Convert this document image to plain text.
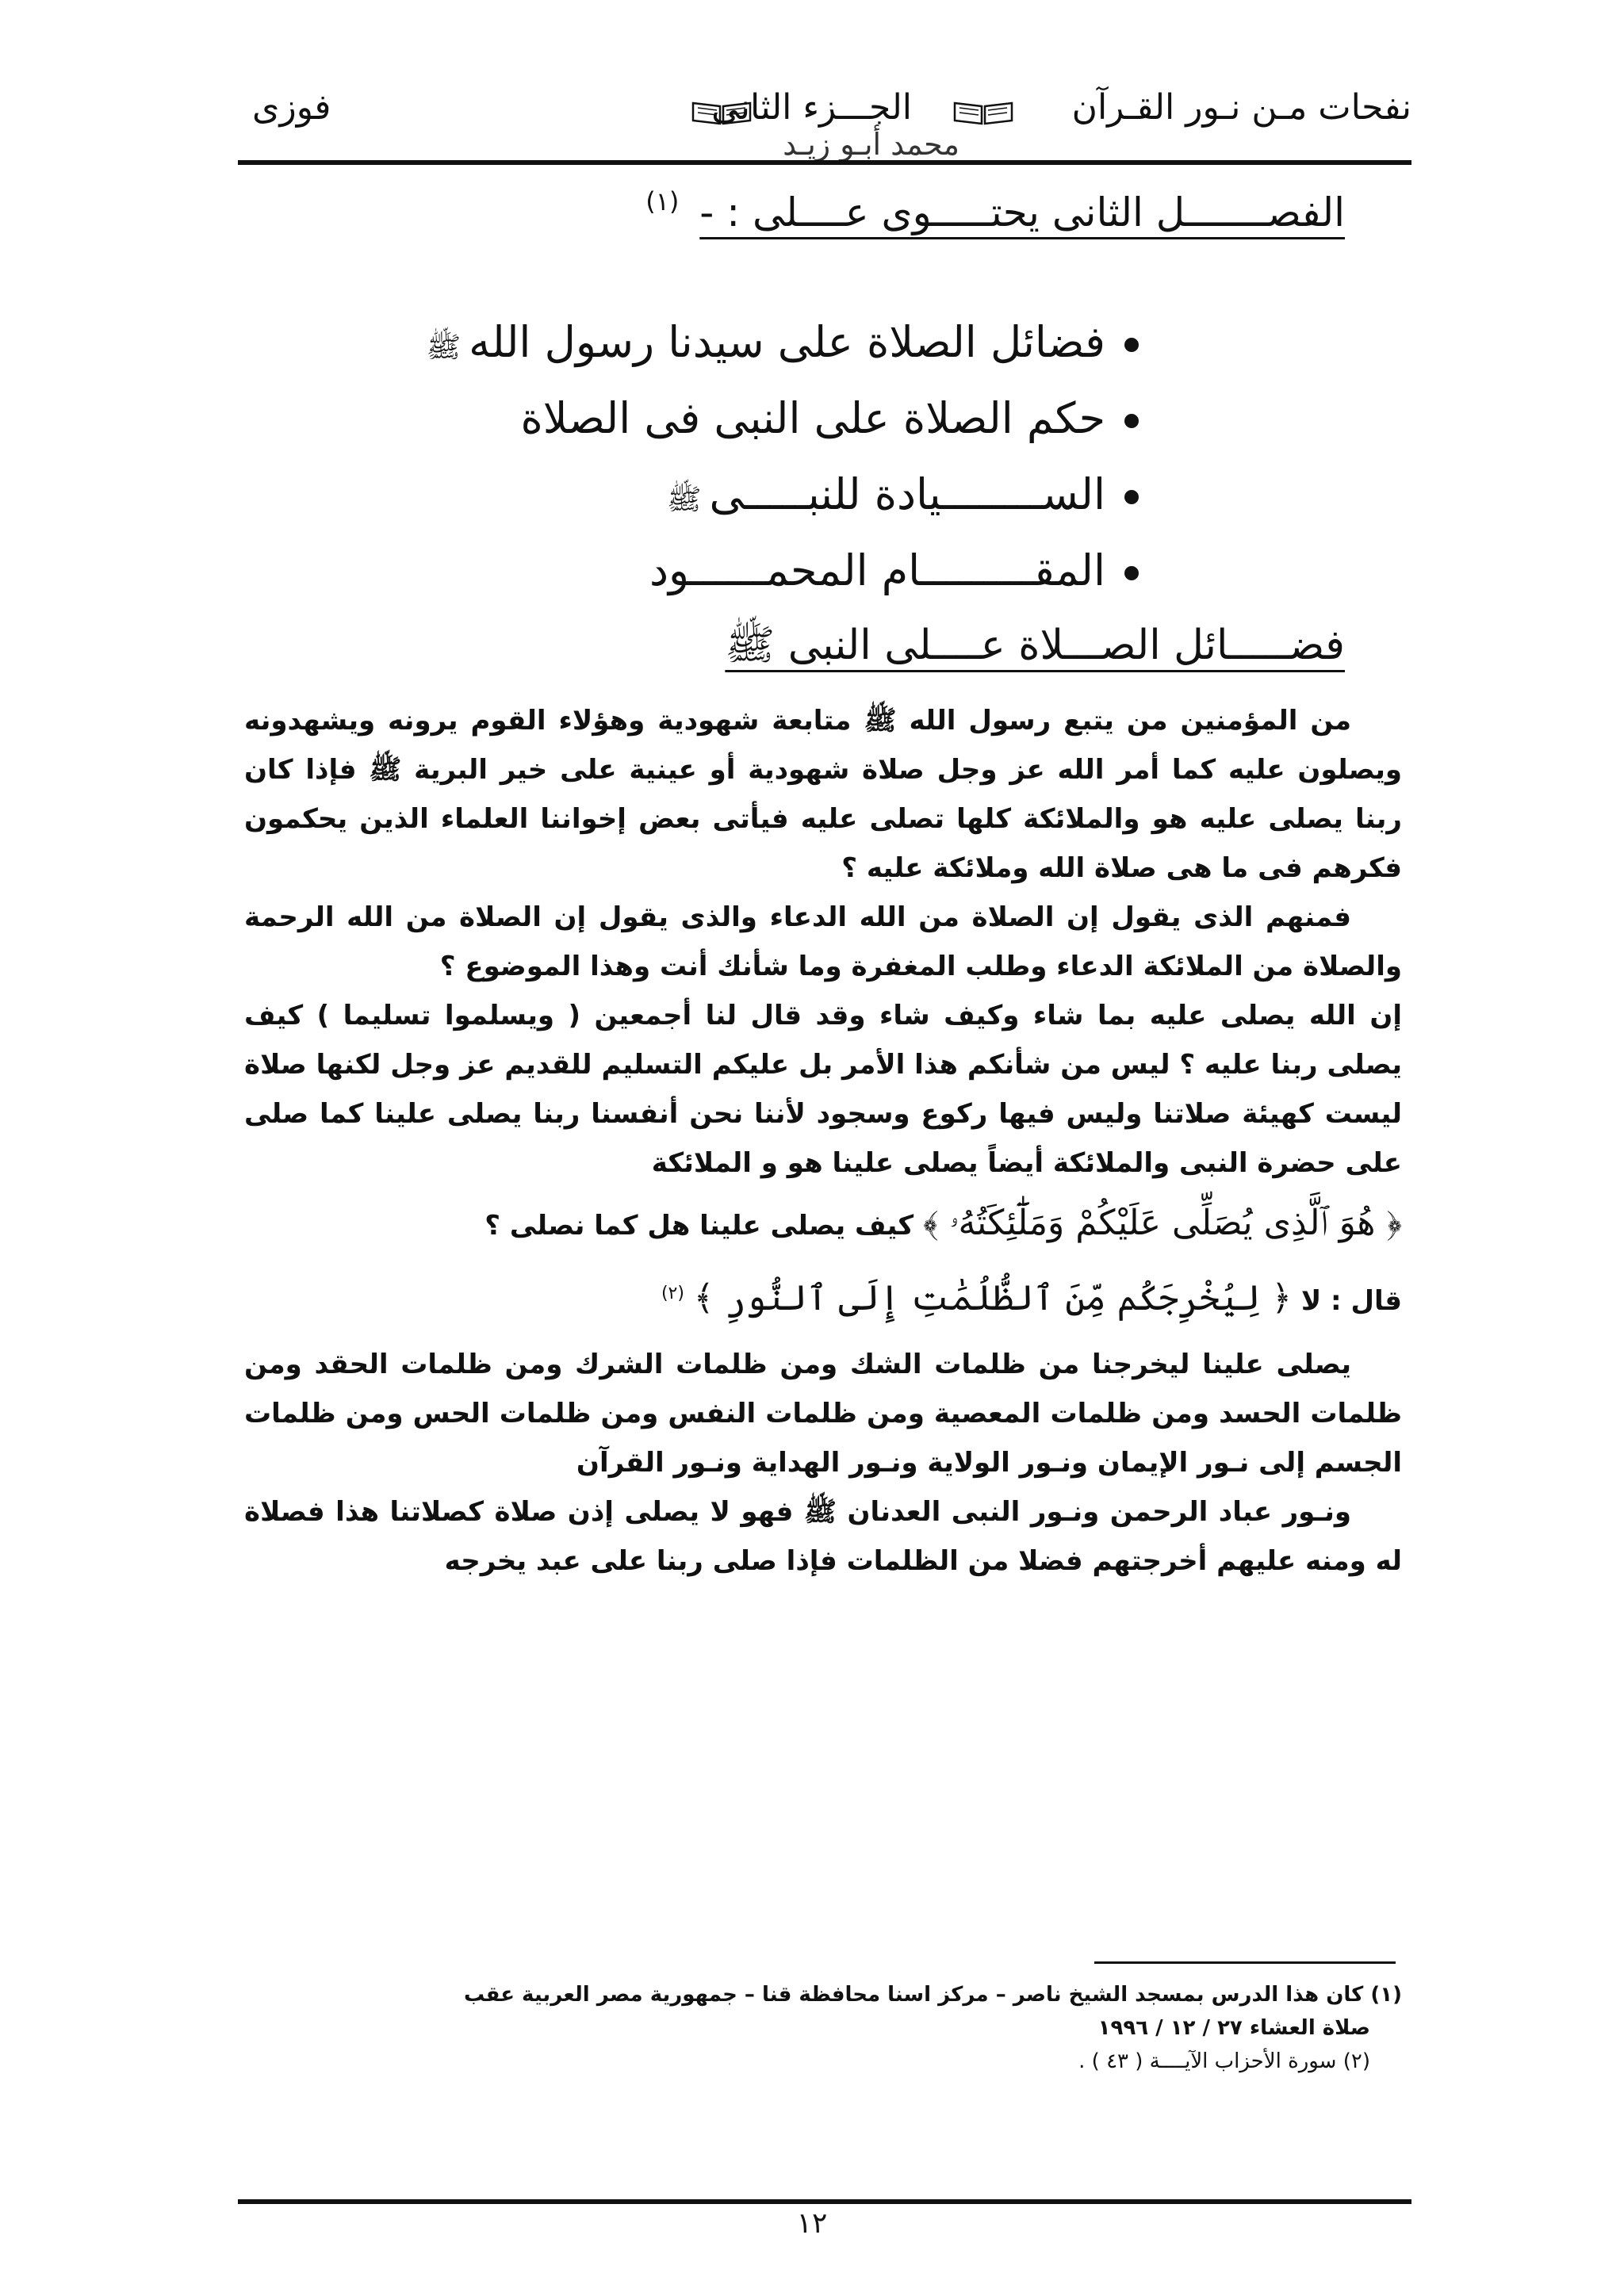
نفحات مـن نـور القـرآن
الجـــزء الثانى
فوزى
محمد أبـو زيـد
الفصـــــــل الثانى يحتـــــوى عــــلى : - $^{(١)}$
فضائل الصلاة على سيدنا رسول اللهﷺ
حكم الصلاة على النبى فى الصلاة
الســــــــيادة للنبـــــىﷺ
المقـــــــــام المحمــــــود
فضـــــائل الصـــلاة عــــلى النبى ﷺ

من المؤمنين من يتبع رسول الله ﷺ متابعة شهودية وهؤلاء القوم يرونه ويشهدونه ويصلون عليه كما أمر الله عز وجل صلاة شهودية أو عينية على خير البرية ﷺ فإذا كان ربنا يصلى عليه هو والملائكة كلها تصلى عليه فيأتى بعض إخواننا العلماء الذين يحكمون فكرهم فى ما هى صلاة الله وملائكة عليه ؟

فمنهم الذى يقول إن الصلاة من الله الدعاء والذى يقول إن الصلاة من الله الرحمة والصلاة من الملائكة الدعاء وطلب المغفرة وما شأنك أنت وهذا الموضوع ؟

إن الله يصلى عليه بما شاء وكيف شاء وقد قال لنا أجمعين ( ويسلموا تسليما ) كيف يصلى ربنا عليه ؟ ليس من شأنكم هذا الأمر بل عليكم التسليم للقديم عز وجل لكنها صلاة ليست كهيئة صلاتنا وليس فيها ركوع وسجود لأننا نحن أنفسنا ربنا يصلى علينا كما صلى على حضرة النبى والملائكة أيضاً يصلى علينا هو و الملائكة

﴿ هُوَ ٱلَّذِى يُصَلِّى عَلَيْكُمْ وَمَلَٰٓئِكَتُهُۥ ﴾ كيف يصلى علينا هل كما نصلى ؟

قال : لا ﴿ لِيُخْرِجَكُم مِّنَ ٱلظُّلُمَٰتِ إِلَى ٱلنُّورِ ﴾ $^{(٢)}$

يصلى علينا ليخرجنا من ظلمات الشك ومن ظلمات الشرك ومن ظلمات الحقد ومن ظلمات الحسد ومن ظلمات المعصية ومن ظلمات النفس ومن ظلمات الحس ومن ظلمات الجسم إلى نـور الإيمان ونـور الولاية ونـور الهداية ونـور القرآن

ونـور عباد الرحمن ونـور النبى العدنان ﷺ فهو لا يصلى إذن صلاة كصلاتنا هذا فصلاة له ومنه عليهم أخرجتهم فضلا من الظلمات فإذا صلى ربنا على عبد يخرجه

(١) كان هذا الدرس بمسجد الشيخ ناصر – مركز اسنا محافظة قنا – جمهورية مصر العربية عقب

صلاة العشاء ٢٧ / ١٢ / ١٩٩٦

(٢) سورة الأحزاب الآيــــة ( ٤٣ ) .

١٢
